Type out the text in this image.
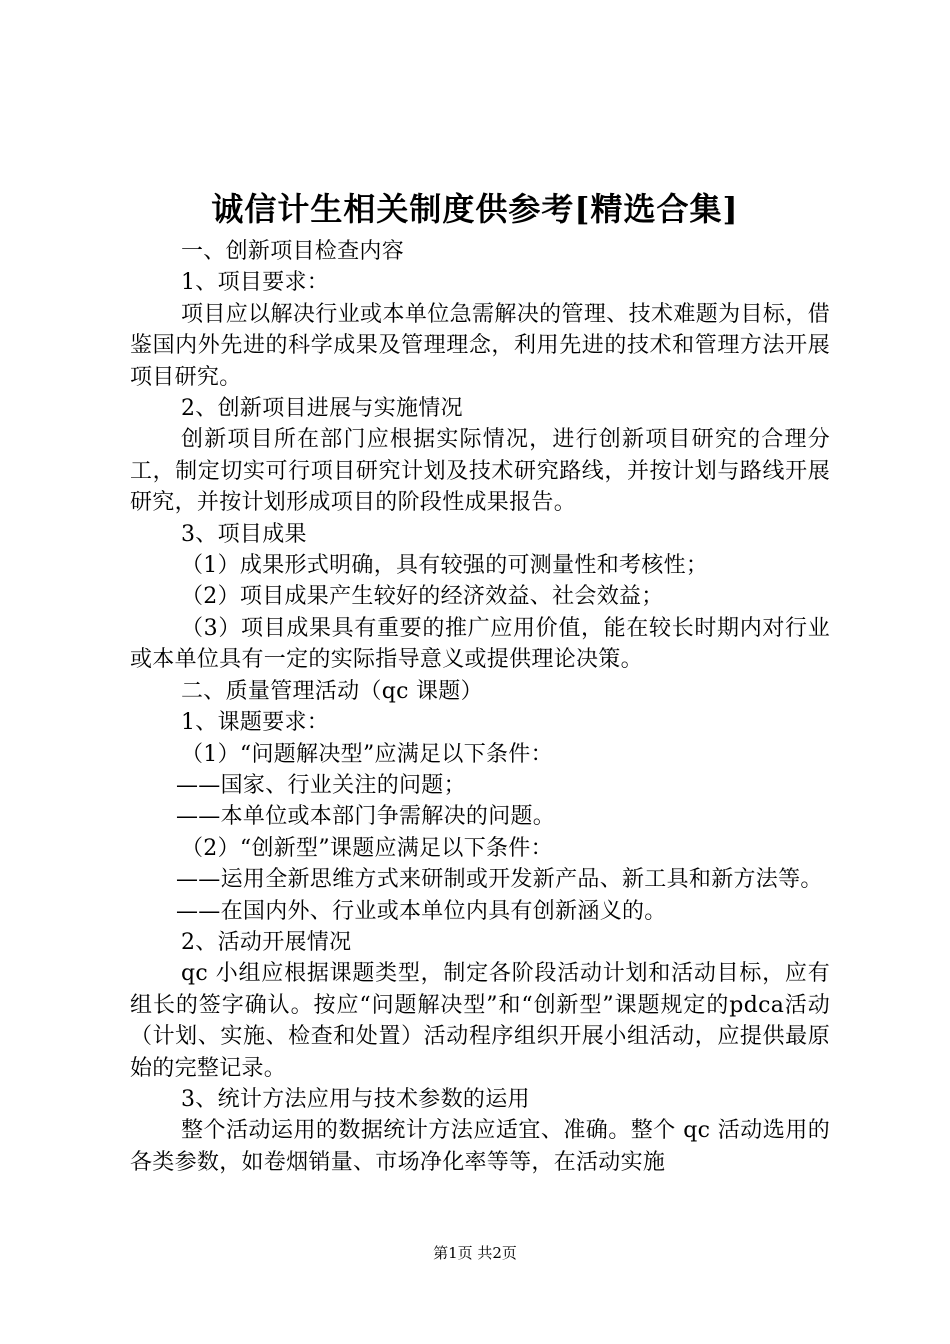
诚信计生相关制度供参考[精选合集]

一、创新项目检查内容

1、项目要求：

项目应以解决行业或本单位急需解决的管理、技术难题为目标，借鉴国内外先进的科学成果及管理理念，利用先进的技术和管理方法开展项目研究。

2、创新项目进展与实施情况

创新项目所在部门应根据实际情况，进行创新项目研究的合理分工，制定切实可行项目研究计划及技术研究路线，并按计划与路线开展研究，并按计划形成项目的阶段性成果报告。

3、项目成果

（1）成果形式明确，具有较强的可测量性和考核性；

（2）项目成果产生较好的经济效益、社会效益；

（3）项目成果具有重要的推广应用价值，能在较长时期内对行业或本单位具有一定的实际指导意义或提供理论决策。

二、质量管理活动（qc 课题）

1、课题要求：

（1）“问题解决型”应满足以下条件：

——国家、行业关注的问题；

——本单位或本部门争需解决的问题。

（2）“创新型”课题应满足以下条件：

——运用全新思维方式来研制或开发新产品、新工具和新方法等。

——在国内外、行业或本单位内具有创新涵义的。

2、活动开展情况

qc 小组应根据课题类型，制定各阶段活动计划和活动目标，应有组长的签字确认。按应“问题解决型”和“创新型”课题规定的pdca活动（计划、实施、检查和处置）活动程序组织开展小组活动，应提供最原始的完整记录。

3、统计方法应用与技术参数的运用

整个活动运用的数据统计方法应适宜、准确。整个 qc 活动选用的各类参数，如卷烟销量、市场净化率等等，在活动实施

第1页 共2页
